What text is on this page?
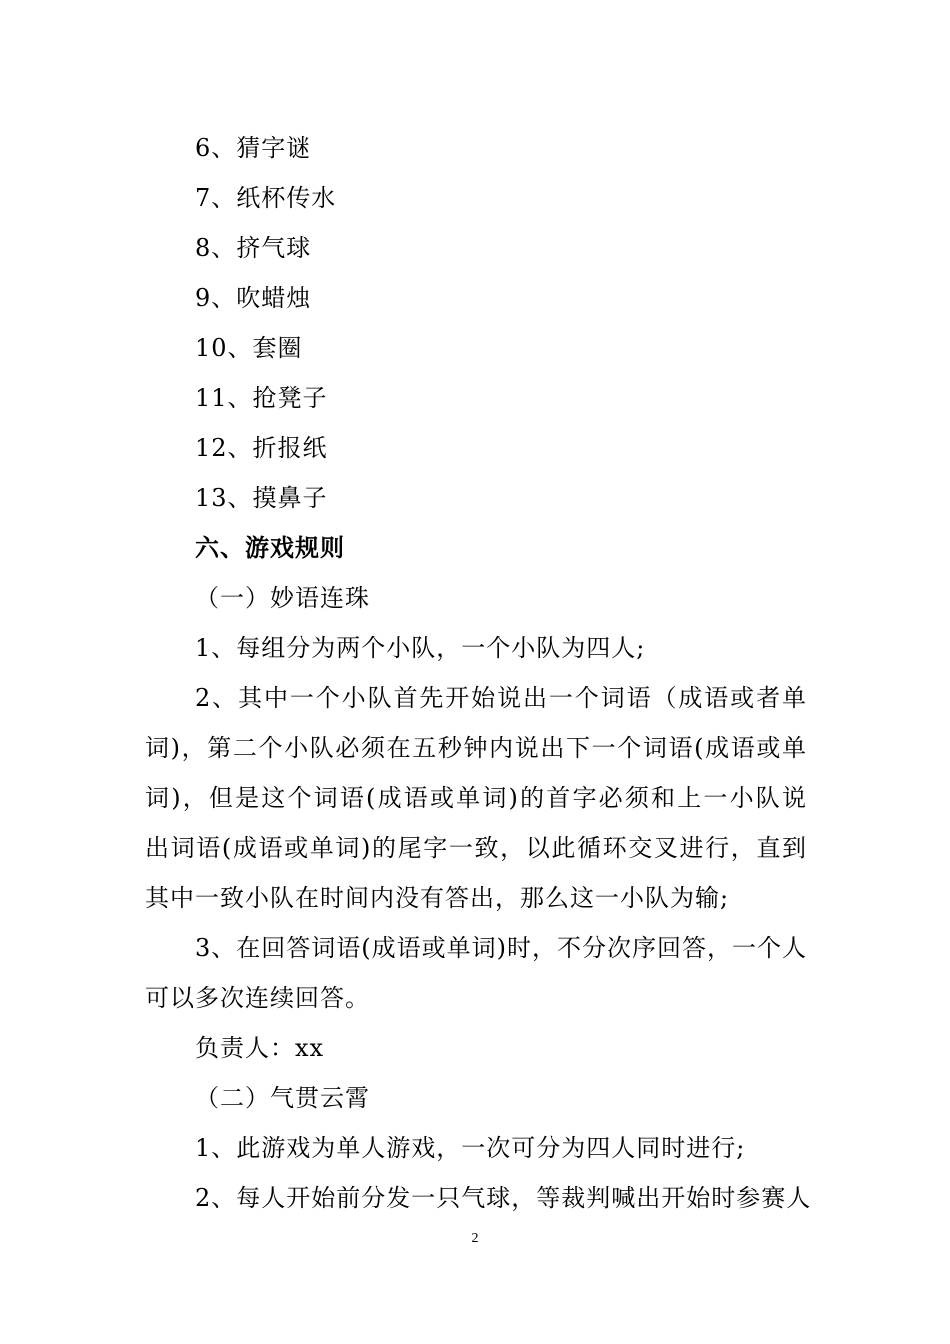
6、猜字谜
7、纸杯传水
8、挤气球
9、吹蜡烛
10、套圈
11、抢凳子
12、折报纸
13、摸鼻子
六、游戏规则
（一）妙语连珠
1、每组分为两个小队，一个小队为四人;
2、其中一个小队首先开始说出一个词语（成语或者单
词)，第二个小队必须在五秒钟内说出下一个词语(成语或单
词)，但是这个词语(成语或单词)的首字必须和上一小队说
出词语(成语或单词)的尾字一致，以此循环交叉进行，直到
其中一致小队在时间内没有答出，那么这一小队为输;
3、在回答词语(成语或单词)时，不分次序回答，一个人
可以多次连续回答。
负责人：xx
（二）气贯云霄
1、此游戏为单人游戏，一次可分为四人同时进行;
2、每人开始前分发一只气球，等裁判喊出开始时参赛人
2
